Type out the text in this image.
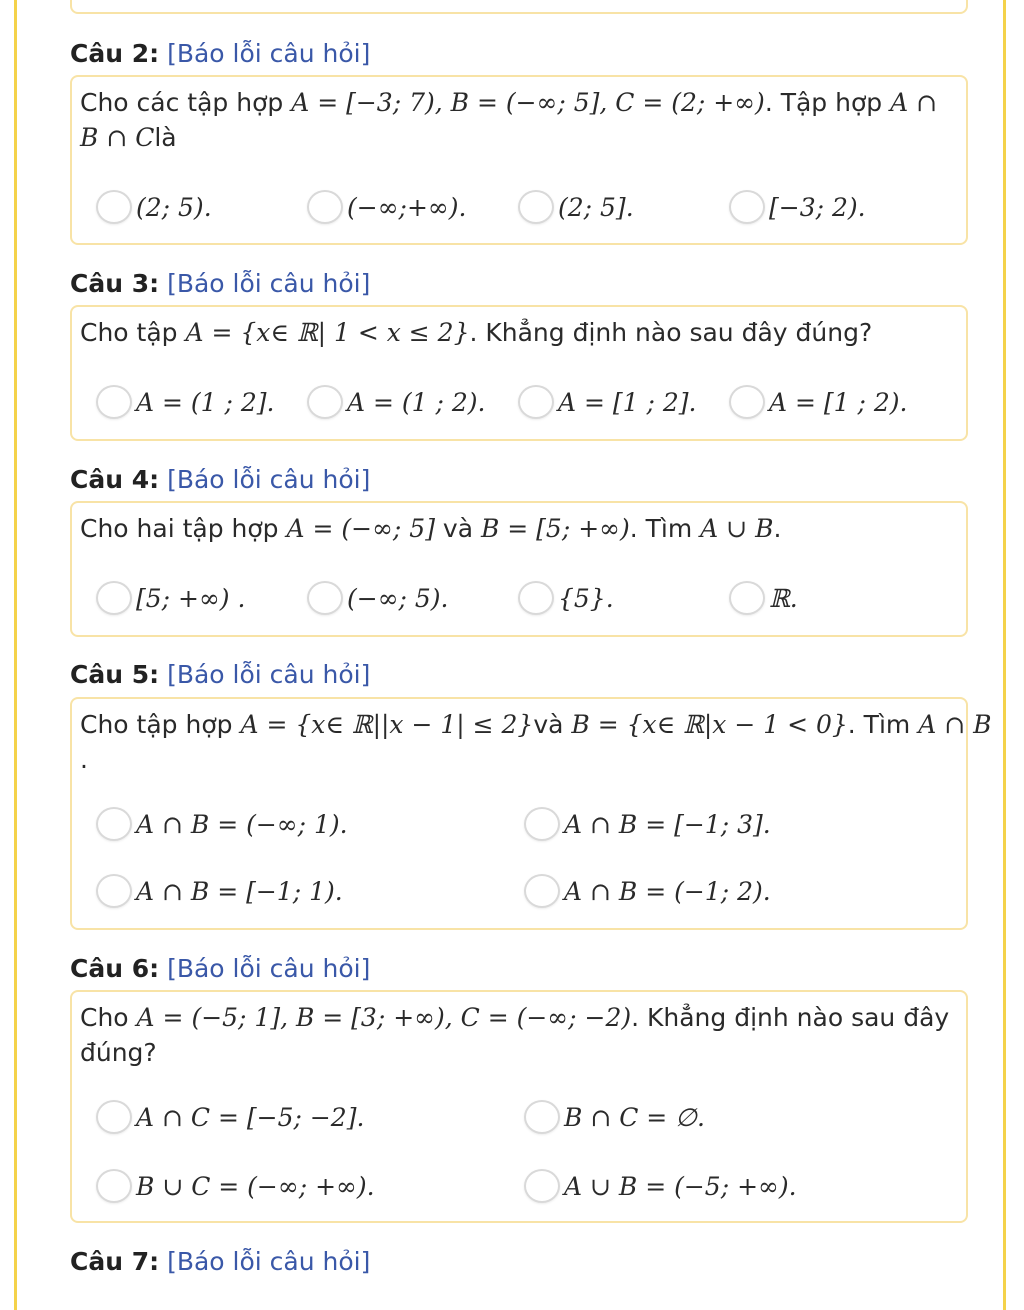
Câu 2: [Báo lỗi câu hỏi]
Cho các tập hợp A = [−3; 7), B = (−∞; 5], C = (2; +∞). Tập hợp A ∩
B ∩ Clà
(2; 5).	(−∞;+∞).	(2; 5].	[−3; 2).
Câu 3: [Báo lỗi câu hỏi]
Cho tập A = {x∈ ℝ| 1 < x ≤ 2}. Khẳng định nào sau đây đúng?
A = (1 ; 2].	A = (1 ; 2).	A = [1 ; 2].	A = [1 ; 2).
Câu 4: [Báo lỗi câu hỏi]
Cho hai tập hợp A = (−∞; 5] và B = [5; +∞). Tìm A ∪ B.
[5; +∞) .	(−∞; 5).	{5}.	ℝ.
Câu 5: [Báo lỗi câu hỏi]
Cho tập hợp A = {x∈ ℝ||x − 1| ≤ 2}và B = {x∈ ℝ|x − 1 < 0}. Tìm A ∩ B
.
A ∩ B = (−∞; 1).	A ∩ B = [−1; 3].
A ∩ B = [−1; 1).	A ∩ B = (−1; 2).
Câu 6: [Báo lỗi câu hỏi]
Cho A = (−5; 1], B = [3; +∞), C = (−∞; −2). Khẳng định nào sau đây
đúng?
A ∩ C = [−5; −2].	B ∩ C = ∅.
B ∪ C = (−∞; +∞).	A ∪ B = (−5; +∞).
Câu 7: [Báo lỗi câu hỏi]
